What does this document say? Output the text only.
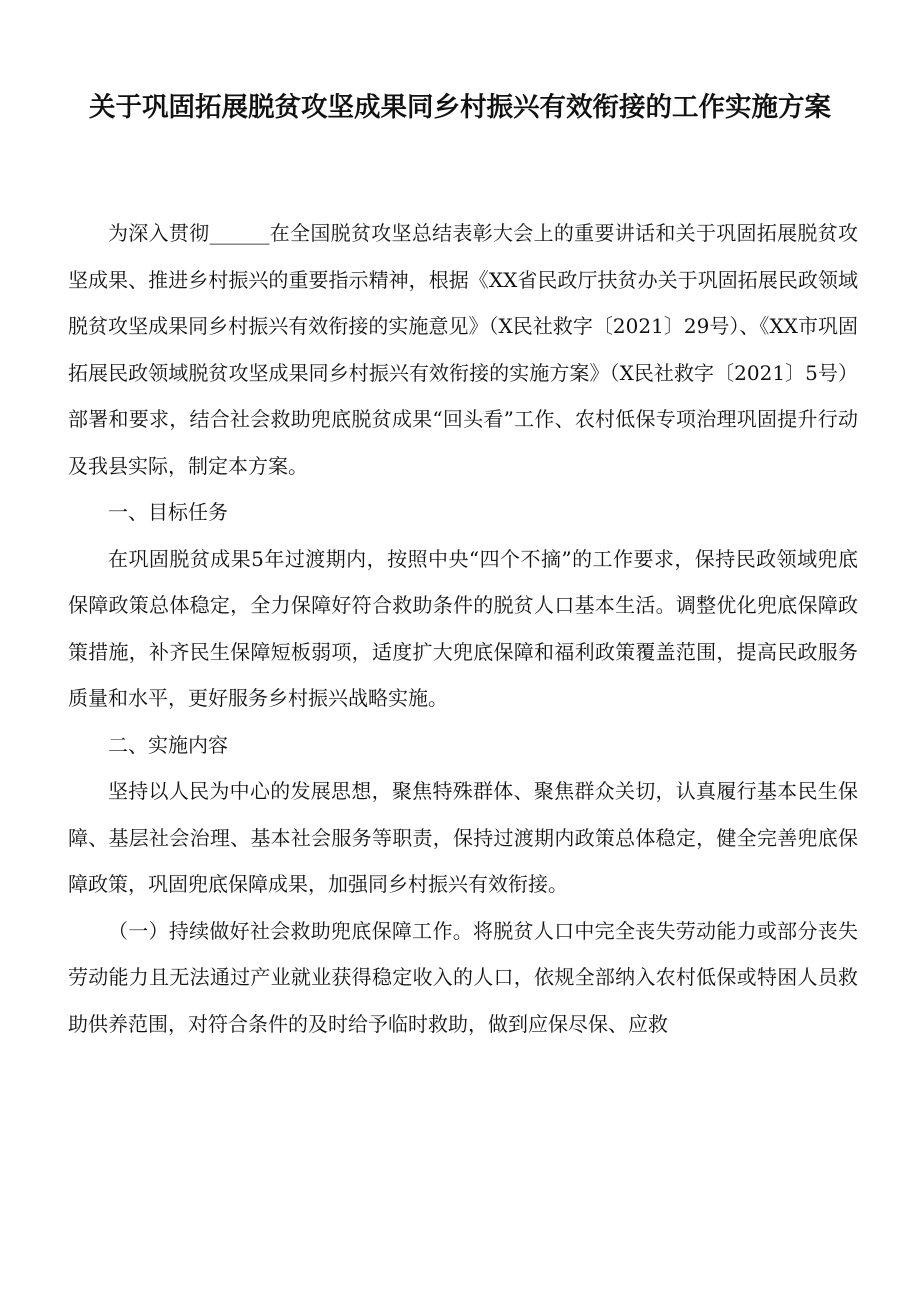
关于巩固拓展脱贫攻坚成果同乡村振兴有效衔接的工作实施方案

为深入贯彻______在全国脱贫攻坚总结表彰大会上的重要讲话和关于巩固拓展脱贫攻坚成果、推进乡村振兴的重要指示精神，根据《XX省民政厅扶贫办关于巩固拓展民政领域脱贫攻坚成果同乡村振兴有效衔接的实施意见》（X民社救字〔2021〕29号）、《XX市巩固拓展民政领域脱贫攻坚成果同乡村振兴有效衔接的实施方案》（X民社救字〔2021〕5号）部署和要求，结合社会救助兜底脱贫成果“回头看”工作、农村低保专项治理巩固提升行动及我县实际，制定本方案。

一、目标任务

在巩固脱贫成果5年过渡期内，按照中央“四个不摘”的工作要求，保持民政领域兜底保障政策总体稳定，全力保障好符合救助条件的脱贫人口基本生活。调整优化兜底保障政策措施，补齐民生保障短板弱项，适度扩大兜底保障和福利政策覆盖范围，提高民政服务质量和水平，更好服务乡村振兴战略实施。

二、实施内容

坚持以人民为中心的发展思想，聚焦特殊群体、聚焦群众关切，认真履行基本民生保障、基层社会治理、基本社会服务等职责，保持过渡期内政策总体稳定，健全完善兜底保障政策，巩固兜底保障成果，加强同乡村振兴有效衔接。

（一）持续做好社会救助兜底保障工作。将脱贫人口中完全丧失劳动能力或部分丧失劳动能力且无法通过产业就业获得稳定收入的人口，依规全部纳入农村低保或特困人员救助供养范围，对符合条件的及时给予临时救助，做到应保尽保、应救
